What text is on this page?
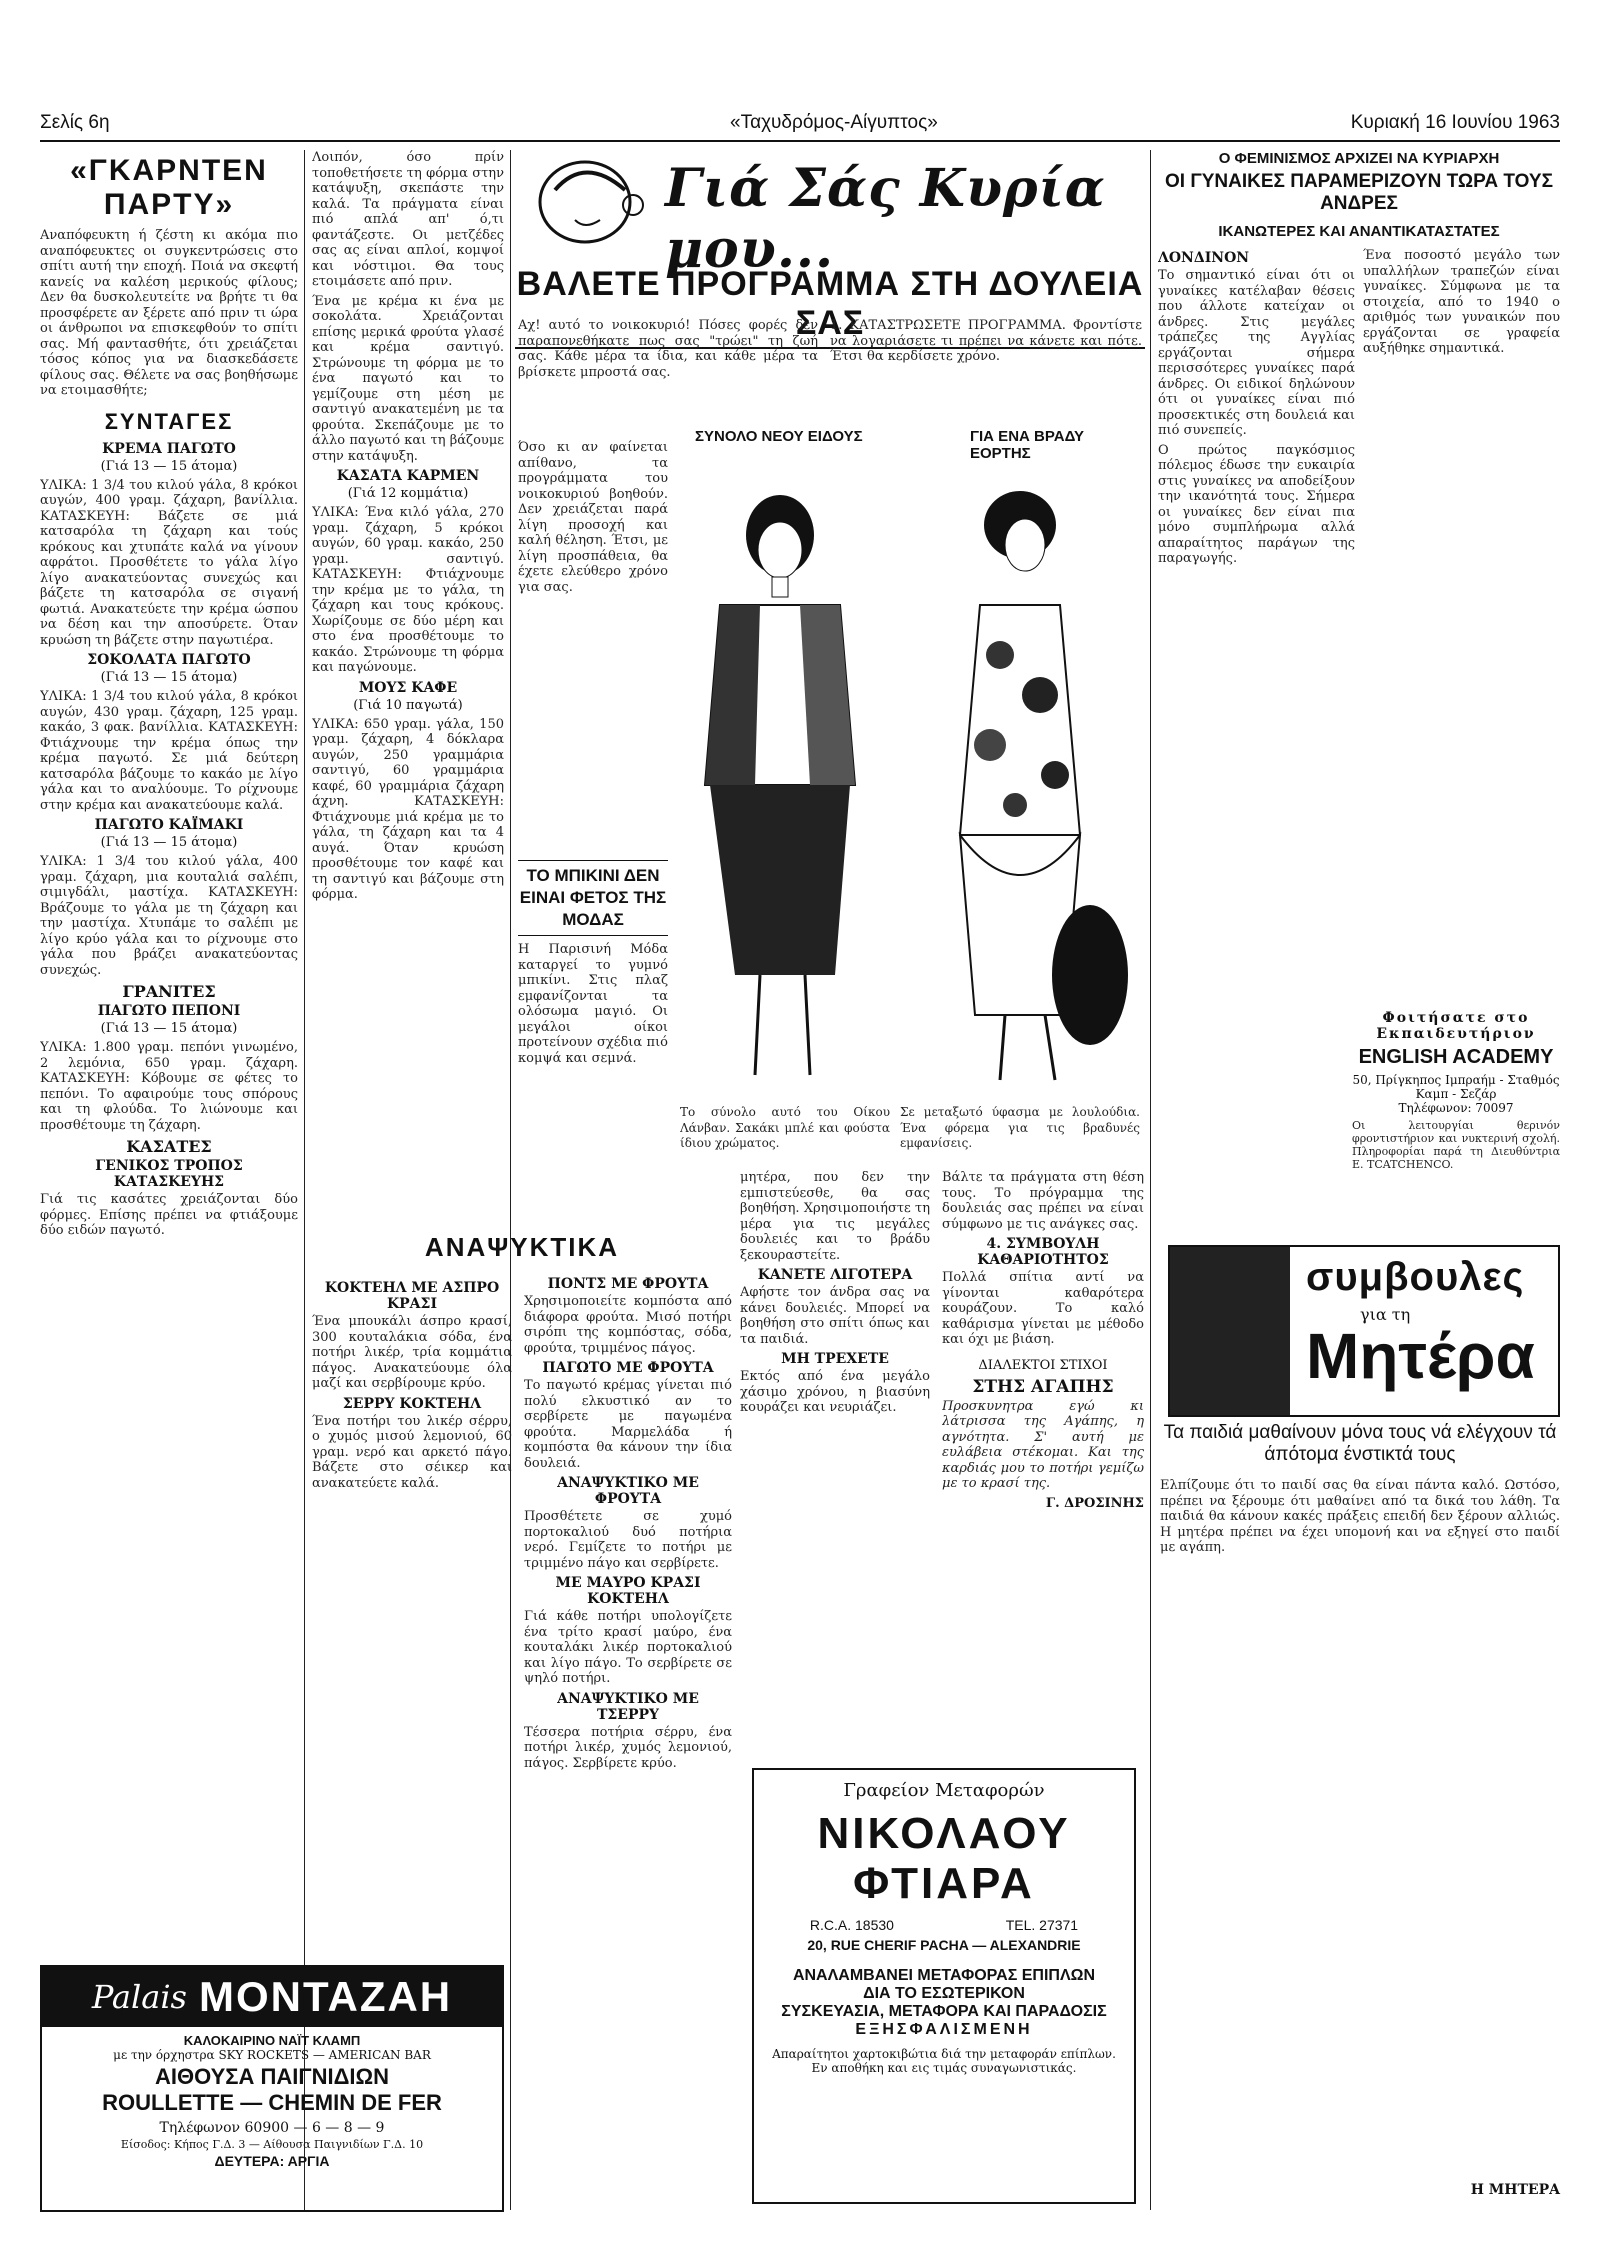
Σελίς 6η	«Ταχυδρόμος-Αίγυπτος»	Κυριακή 16 Ιουνίου 1963
«ΓΚΑΡΝΤΕΝ ΠΑΡΤΥ»

Αναπόφευκτη ή ζέστη κι ακόμα πιο αναπόφευκτες οι συγκεντρώσεις στο σπίτι αυτή την εποχή. Ποιά να σκεφτή κανείς να καλέση μερικούς φίλους; Δεν θα δυσκολευτείτε να βρήτε τι θα προσφέρετε αν ξέρετε από πριν τι ώρα οι άνθρωποι να επισκεφθούν το σπίτι σας. Μή φαντασθήτε, ότι χρειάζεται τόσος κόπος για να διασκεδάσετε φίλους σας. Θέλετε να σας βοηθήσωμε να ετοιμασθήτε;

ΣΥΝΤΑΓΕΣ
ΚΡΕΜΑ ΠΑΓΩΤΟ
(Γιά 13 — 15 άτομα)

ΥΛΙΚΑ: 1 3/4 του κιλού γάλα, 8 κρόκοι αυγών, 400 γραμ. ζάχαρη, βανίλλια. ΚΑΤΑΣΚΕΥΗ: Βάζετε σε μιά κατσαρόλα τη ζάχαρη και τούς κρόκους και χτυπάτε καλά να γίνουν αφράτοι. Προσθέτετε το γάλα λίγο λίγο ανακατεύοντας συνεχώς και βάζετε τη κατσαρόλα σε σιγανή φωτιά. Ανακατεύετε την κρέμα ώσπου να δέση και την αποσύρετε. Όταν κρυώση τη βάζετε στην παγωτιέρα.

ΣΟΚΟΛΑΤΑ ΠΑΓΩΤΟ
(Γιά 13 — 15 άτομα)

ΥΛΙΚΑ: 1 3/4 του κιλού γάλα, 8 κρόκοι αυγών, 430 γραμ. ζάχαρη, 125 γραμ. κακάο, 3 φακ. βανίλλια. ΚΑΤΑΣΚΕΥΗ: Φτιάχνουμε την κρέμα όπως την κρέμα παγωτό. Σε μιά δεύτερη κατσαρόλα βάζουμε το κακάο με λίγο γάλα και το αναλύουμε. Το ρίχνουμε στην κρέμα και ανακατεύουμε καλά.

ΠΑΓΩΤΟ ΚΑΪΜΑΚΙ
(Γιά 13 — 15 άτομα)

ΥΛΙΚΑ: 1 3/4 του κιλού γάλα, 400 γραμ. ζάχαρη, μια κουταλιά σαλέπι, σιμιγδάλι, μαστίχα. ΚΑΤΑΣΚΕΥΗ: Βράζουμε το γάλα με τη ζάχαρη και την μαστίχα. Χτυπάμε το σαλέπι με λίγο κρύο γάλα και το ρίχνουμε στο γάλα που βράζει ανακατεύοντας συνεχώς.

ΓΡΑΝΙΤΕΣ
ΠΑΓΩΤΟ ΠΕΠΟΝΙ
(Γιά 13 — 15 άτομα)

ΥΛΙΚΑ: 1.800 γραμ. πεπόνι γινωμένο, 2 λεμόνια, 650 γραμ. ζάχαρη. ΚΑΤΑΣΚΕΥΗ: Κόβουμε σε φέτες το πεπόνι. Το αφαιρούμε τους σπόρους και τη φλούδα. Το λιώνουμε και προσθέτουμε τη ζάχαρη.

ΚΑΣΑΤΕΣ
ΓΕΝΙΚΟΣ ΤΡΟΠΟΣ ΚΑΤΑΣΚΕΥΗΣ

Γιά τις κασάτες χρειάζονται δύο φόρμες. Επίσης πρέπει να φτιάξουμε δύο ειδών παγωτό.

Λοιπόν, όσο πρίν τοποθετήσετε τη φόρμα στην κατάψυξη, σκεπάστε την καλά. Τα πράγματα είναι πιό απλά απ' ό,τι φαντάζεστε. Οι μετζέδες σας ας είναι απλοί, κομψοί και νόστιμοι. Θα τους ετοιμάσετε από πριν.

Ένα με κρέμα κι ένα με σοκολάτα. Χρειάζονται επίσης μερικά φρούτα γλασέ και κρέμα σαντιγύ. Στρώνουμε τη φόρμα με το ένα παγωτό και το γεμίζουμε στη μέση με σαντιγύ ανακατεμένη με τα φρούτα. Σκεπάζουμε με το άλλο παγωτό και τη βάζουμε στην κατάψυξη.

ΚΑΣΑΤΑ ΚΑΡΜΕΝ
(Γιά 12 κομμάτια)

ΥΛΙΚΑ: Ένα κιλό γάλα, 270 γραμ. ζάχαρη, 5 κρόκοι αυγών, 60 γραμ. κακάο, 250 γραμ. σαντιγύ. ΚΑΤΑΣΚΕΥΗ: Φτιάχνουμε την κρέμα με το γάλα, τη ζάχαρη και τους κρόκους. Χωρίζουμε σε δύο μέρη και στο ένα προσθέτουμε το κακάο. Στρώνουμε τη φόρμα και παγώνουμε.

ΜΟΥΣ ΚΑΦΕ
(Γιά 10 παγωτά)

ΥΛΙΚΑ: 650 γραμ. γάλα, 150 γραμ. ζάχαρη, 4 δόκλαρα αυγών, 250 γραμμάρια σαντιγύ, 60 γραμμάρια καφέ, 60 γραμμάρια ζάχαρη άχνη. ΚΑΤΑΣΚΕΥΗ: Φτιάχνουμε μιά κρέμα με το γάλα, τη ζάχαρη και τα 4 αυγά. Όταν κρυώση προσθέτουμε τον καφέ και τη σαντιγύ και βάζουμε στη φόρμα.

ΑΝΑΨΥΚΤΙΚΑ
ΚΟΚΤΕΗΛ ΜΕ ΑΣΠΡΟ ΚΡΑΣΙ

Ένα μπουκάλι άσπρο κρασί, 300 κουταλάκια σόδα, ένα ποτήρι λικέρ, τρία κομμάτια πάγος. Ανακατεύουμε όλα μαζί και σερβίρουμε κρύο.

ΣΕΡΡΥ ΚΟΚΤΕΗΛ

Ένα ποτήρι του λικέρ σέρρυ, ο χυμός μισού λεμονιού, 60 γραμ. νερό και αρκετό πάγο. Βάζετε στο σέικερ και ανακατεύετε καλά.

ΠΟΝΤΣ ΜΕ ΦΡΟΥΤΑ

Χρησιμοποιείτε κομπόστα από διάφορα φρούτα. Μισό ποτήρι σιρόπι της κομπόστας, σόδα, φρούτα, τριμμένος πάγος.

ΠΑΓΩΤΟ ΜΕ ΦΡΟΥΤΑ

Το παγωτό κρέμας γίνεται πιό πολύ ελκυστικό αν το σερβίρετε με παγωμένα φρούτα. Μαρμελάδα ή κομπόστα θα κάνουν την ίδια δουλειά.

ΑΝΑΨΥΚΤΙΚΟ ΜΕ ΦΡΟΥΤΑ

Προσθέτετε σε χυμό πορτοκαλιού δυό ποτήρια νερό. Γεμίζετε το ποτήρι με τριμμένο πάγο και σερβίρετε.

ΜΕ ΜΑΥΡΟ ΚΡΑΣΙ ΚΟΚΤΕΗΛ

Γιά κάθε ποτήρι υπολογίζετε ένα τρίτο κρασί μαύρο, ένα κουταλάκι λικέρ πορτοκαλιού και λίγο πάγο. Το σερβίρετε σε ψηλό ποτήρι.

ΑΝΑΨΥΚΤΙΚΟ ΜΕ ΤΣΕΡΡΥ

Τέσσερα ποτήρια σέρρυ, ένα ποτήρι λικέρ, χυμός λεμονιού, πάγος. Σερβίρετε κρύο.

Γιά Σάς Κυρία μου...
ΒΑΛΕΤΕ ΠΡΟΓΡΑΜΜΑ ΣΤΗ ΔΟΥΛΕΙΑ ΣΑΣ

Αχ! αυτό το νοικοκυριό! Πόσες φορές δεν παραπονεθήκατε πως σας "τρώει" τη ζωή σας. Κάθε μέρα τα ίδια, και κάθε μέρα τα βρίσκετε μπροστά σας.

1. ΚΑΤΑΣΤΡΩΣΕΤΕ ΠΡΟΓΡΑΜΜΑ. Φροντίστε να λογαριάσετε τι πρέπει να κάνετε και πότε. Έτσι θα κερδίσετε χρόνο.

ΣΥΝΟΛΟ ΝΕΟΥ ΕΙΔΟΥΣ	ΓΙΑ ΕΝΑ ΒΡΑΔΥ ΕΟΡΤΗΣ

Όσο κι αν φαίνεται απίθανο, τα προγράμματα του νοικοκυριού βοηθούν. Δεν χρειάζεται παρά λίγη προσοχή και καλή θέληση. Έτσι, με λίγη προσπάθεια, θα έχετε ελεύθερο χρόνο για σας.

ΤΟ ΜΠΙΚΙΝΙ ΔΕΝ ΕΙΝΑΙ ΦΕΤΟΣ ΤΗΣ ΜΟΔΑΣ

Η Παρισινή Μόδα καταργεί το γυμνό μπικίνι. Στις πλαζ εμφανίζονται τα ολόσωμα μαγιό. Οι μεγάλοι οίκοι προτείνουν σχέδια πιό κομψά και σεμνά.

Το σύνολο αυτό του Οίκου Λάνβαν. Σακάκι μπλέ και φούστα ίδιου χρώματος.

Σε μεταξωτό ύφασμα με λουλούδια. Ένα φόρεμα για τις βραδυνές εμφανίσεις.

μητέρα, που δεν την εμπιστεύεσθε, θα σας βοηθήση. Χρησιμοποιήστε τη μέρα για τις μεγάλες δουλειές και το βράδυ ξεκουραστείτε.

ΚΑΝΕΤΕ ΛΙΓΟΤΕΡΑ

Αφήστε τον άνδρα σας να κάνει δουλειές. Μπορεί να βοηθήση στο σπίτι όπως και τα παιδιά.

ΜΗ ΤΡΕΧΕΤΕ

Εκτός από ένα μεγάλο χάσιμο χρόνου, η βιασύνη κουράζει και νευριάζει.

Βάλτε τα πράγματα στη θέση τους. Το πρόγραμμα της δουλειάς σας πρέπει να είναι σύμφωνο με τις ανάγκες σας.

4. ΣΥΜΒΟΥΛΗ ΚΑΘΑΡΙΟΤΗΤΟΣ

Πολλά σπίτια αντί να γίνονται καθαρότερα κουράζουν. Το καλό καθάρισμα γίνεται με μέθοδο και όχι με βιάση.

ΔΙΑΛΕΚΤΟΙ ΣΤΙΧΟΙ
ΣΤΗΣ ΑΓΑΠΗΣ

Προσκυνητρα εγώ κι λάτρισσα της Αγάπης, η αγνότητα. Σ' αυτή με ευλάβεια στέκομαι. Και της καρδιάς μου το ποτήρι γεμίζω με το κρασί της.

Γ. ΔΡΟΣΙΝΗΣ
Γραφείον Μεταφορών
ΝΙΚΟΛΑΟΥ ΦΤΙΑΡΑ
R.C.A. 18530	TEL. 27371
20, RUE CHERIF PACHA — ALEXANDRIE
ΑΝΑΛΑΜΒΑΝΕΙ ΜΕΤΑΦΟΡΑΣ ΕΠΙΠΛΩΝ
ΔΙΑ ΤΟ ΕΣΩΤΕΡΙΚΟΝ
ΣΥΣΚΕΥΑΣΙΑ, ΜΕΤΑΦΟΡΑ ΚΑΙ ΠΑΡΑΔΟΣΙΣ
ΕΞΗΣΦΑΛΙΣΜΕΝΗ
Απαραίτητοι χαρτοκιβώτια διά την μεταφοράν επίπλων. Εν αποθήκη και εις τιμάς συναγωνιστικάς.
Palais MONTAZAH
ΚΑΛΟΚΑΙΡΙΝΟ ΝΑΪΤ ΚΛΑΜΠ
με την όρχηστρα SKY ROCKETS — AMERICAN BAR
ΑΙΘΟΥΣΑ ΠΑΙΓΝΙΔΙΩΝ
ROULLETTE — CHEMIN DE FER
Τηλέφωνον 60900 — 6 — 8 — 9
Είσοδος: Κήπος Γ.Δ. 3 — Αίθουσα Παιγνιδίων Γ.Δ. 10
ΔΕΥΤΕΡΑ: ΑΡΓΙΑ
Ο ΦΕΜΙΝΙΣΜΟΣ ΑΡΧΙΖΕΙ ΝΑ ΚΥΡΙΑΡΧΗ
ΟΙ ΓΥΝΑΙΚΕΣ ΠΑΡΑΜΕΡΙΖΟΥΝ ΤΩΡΑ ΤΟΥΣ ΑΝΔΡΕΣ
ΙΚΑΝΩΤΕΡΕΣ ΚΑΙ ΑΝΑΝΤΙΚΑΤΑΣΤΑΤΕΣ
ΛΟΝΔΙΝΟΝ

Το σημαντικό είναι ότι οι γυναίκες κατέλαβαν θέσεις που άλλοτε κατείχαν οι άνδρες. Στις μεγάλες τράπεζες της Αγγλίας εργάζονται σήμερα περισσότερες γυναίκες παρά άνδρες. Οι ειδικοί δηλώνουν ότι οι γυναίκες είναι πιό προσεκτικές στη δουλειά και πιό συνεπείς.

Ο πρώτος παγκόσμιος πόλεμος έδωσε την ευκαιρία στις γυναίκες να αποδείξουν την ικανότητά τους. Σήμερα οι γυναίκες δεν είναι πια μόνο συμπλήρωμα αλλά απαραίτητος παράγων της παραγωγής.

Ένα ποσοστό μεγάλο των υπαλλήλων τραπεζών είναι γυναίκες. Σύμφωνα με τα στοιχεία, από το 1940 ο αριθμός των γυναικών που εργάζονται σε γραφεία αυξήθηκε σημαντικά.

Φοιτήσατε στο Εκπαιδευτήριον
ENGLISH ACADEMY
50, Πρίγκηπος Ιμπραήμ - Σταθμός Καμπ - Σεζάρ
Τηλέφωνον: 70097

Οι λειτουργίαι θερινόν φροντιστήριον και νυκτερινή σχολή. Πληροφορίαι παρά τη Διευθύντρια Ε. TCATCHENCO.

συμβουλες
για τη
Μητέρα
Τα παιδιά μαθαίνουν μόνα τους νά ελέγχουν τά άπότομα ένστικτά τους

Ελπίζουμε ότι το παιδί σας θα είναι πάντα καλό. Ωστόσο, πρέπει να ξέρουμε ότι μαθαίνει από τα δικά του λάθη. Τα παιδιά θα κάνουν κακές πράξεις επειδή δεν ξέρουν αλλιώς. Η μητέρα πρέπει να έχει υπομονή και να εξηγεί στο παιδί με αγάπη.

Η ΜΗΤΕΡΑ
